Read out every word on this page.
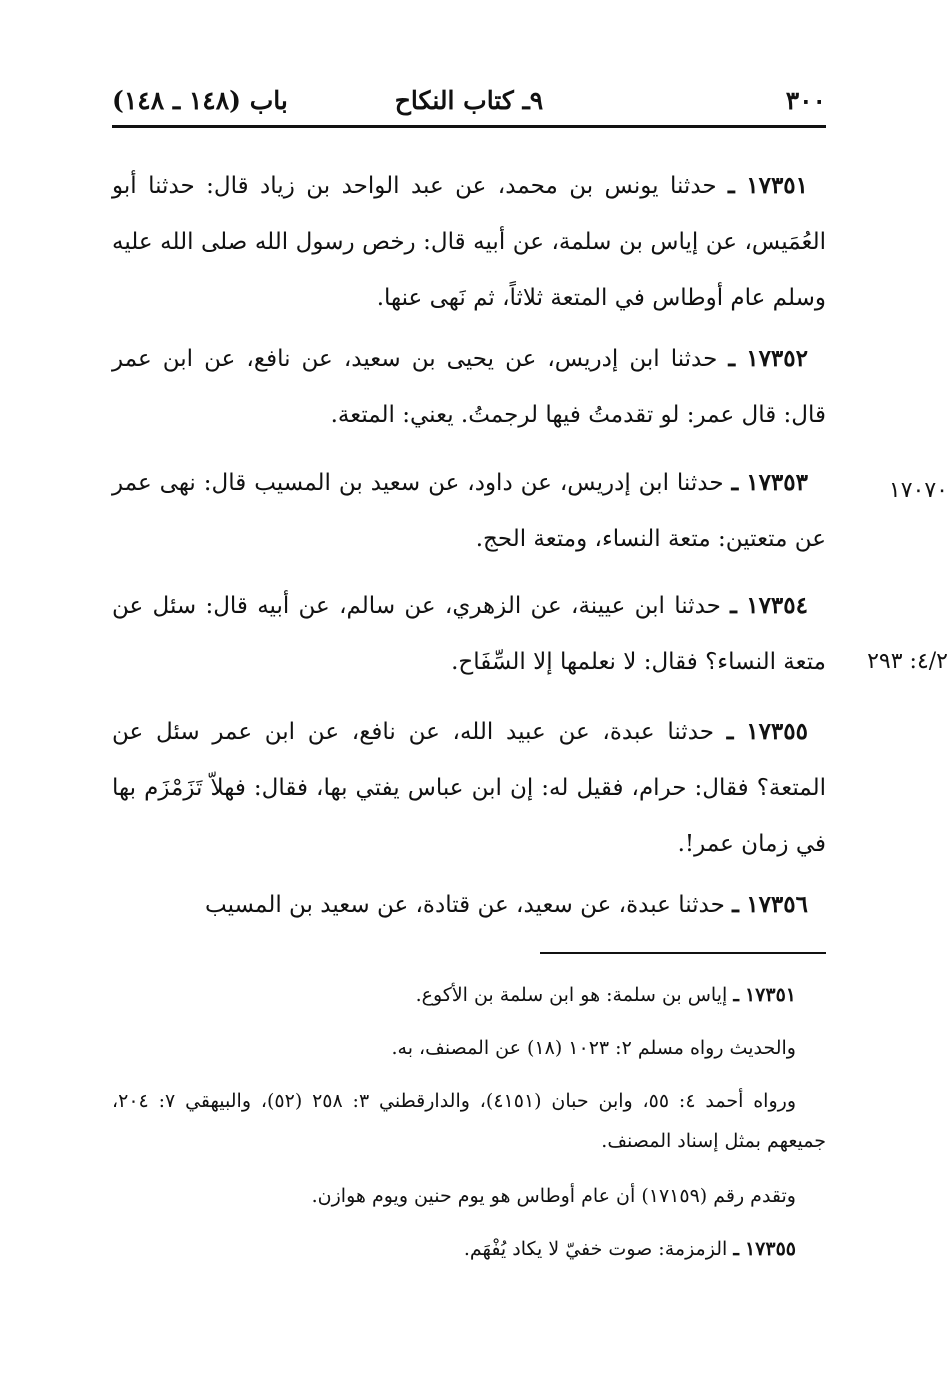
٣٠٠
٩ـ كتاب النكاح
باب (١٤٨ ـ ١٤٨)
١٧٣٥١ ـ حدثنا يونس بن محمد، عن عبد الواحد بن زياد قال: حدثنا أبو العُمَيس، عن إياس بن سلمة، عن أبيه قال: رخص رسول الله صلى الله عليه وسلم عام أوطاس في المتعة ثلاثاً، ثم نَهى عنها.
١٧٣٥٢ ـ حدثنا ابن إدريس، عن يحيى بن سعيد، عن نافع، عن ابن عمر قال: قال عمر: لو تقدمتُ فيها لرجمتُ. يعني: المتعة.
١٧٠٧٠
١٧٣٥٣ ـ حدثنا ابن إدريس، عن داود، عن سعيد بن المسيب قال: نهى عمر عن متعتين: متعة النساء، ومتعة الحج.
٤/٢: ٢٩٣
١٧٣٥٤ ـ حدثنا ابن عيينة، عن الزهري، عن سالم، عن أبيه قال: سئل عن متعة النساء؟ فقال: لا نعلمها إلا السِّفَاح.
١٧٣٥٥ ـ حدثنا عبدة، عن عبيد الله، عن نافع، عن ابن عمر سئل عن المتعة؟ فقال: حرام، فقيل له: إن ابن عباس يفتي بها، فقال: فهلاّ تَزَمْزَم بها في زمان عمر!.
١٧٣٥٦ ـ حدثنا عبدة، عن سعيد، عن قتادة، عن سعيد بن المسيب
١٧٣٥١ ـ إياس بن سلمة: هو ابن سلمة بن الأكوع.
والحديث رواه مسلم ٢: ١٠٢٣ (١٨) عن المصنف، به.
ورواه أحمد ٤: ٥٥، وابن حبان (٤١٥١)، والدارقطني ٣: ٢٥٨ (٥٢)، والبيهقي ٧: ٢٠٤، جميعهم بمثل إسناد المصنف.
وتقدم رقم (١٧١٥٩) أن عام أوطاس هو يوم حنين ويوم هوازن.
١٧٣٥٥ ـ الزمزمة: صوت خفيّ لا يكاد يُفْهَم.
